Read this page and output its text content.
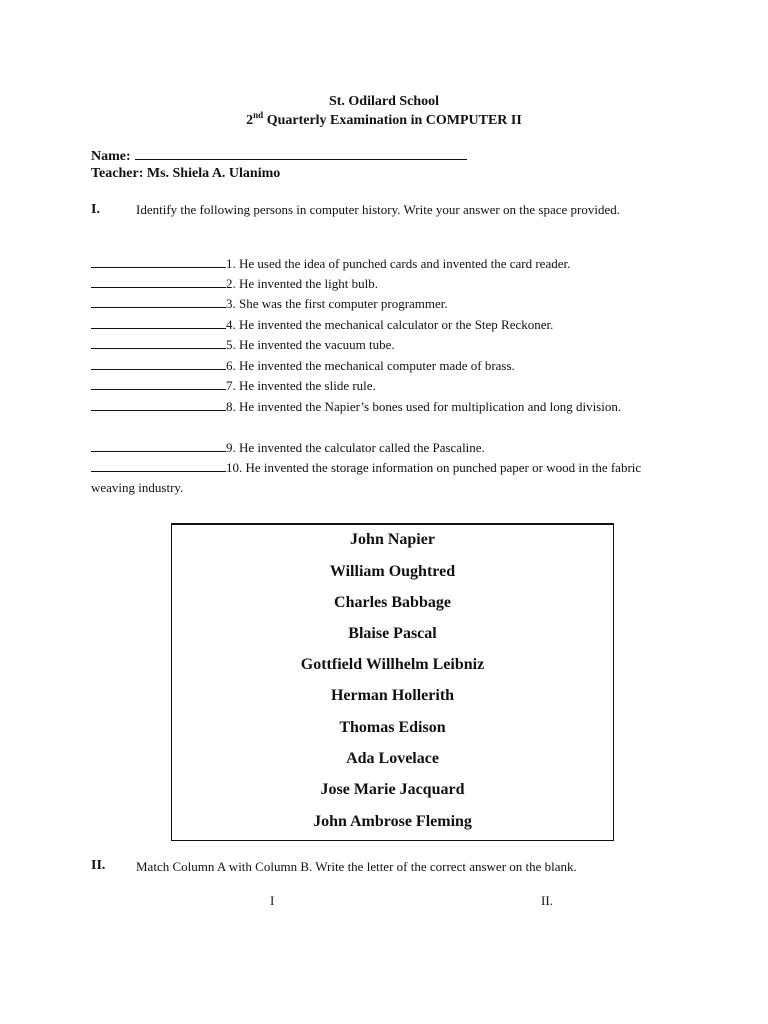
St. Odilard School
2nd Quarterly Examination in COMPUTER II
Name:
Teacher: Ms. Shiela A. Ulanimo
I.	Identify the following persons in computer history. Write your answer on the space provided.
1. He used the idea of punched cards and invented the card reader.
2. He invented the light bulb.
3. She was the first computer programmer.
4. He invented the mechanical calculator or the Step Reckoner.
5. He invented the vacuum tube.
6. He invented the mechanical computer made of brass.
7. He invented the slide rule.
8. He invented the Napier’s bones used for multiplication and long division.
9. He invented the calculator called the Pascaline.
10. He invented the storage information on punched paper or wood in the fabric weaving industry.
John Napier
William Oughtred
Charles Babbage
Blaise Pascal
Gottfield Willhelm Leibniz
Herman Hollerith
Thomas Edison
Ada Lovelace
Jose Marie Jacquard
John Ambrose Fleming
II. Match Column A with Column B. Write the letter of the correct answer on the blank.
I	II.
